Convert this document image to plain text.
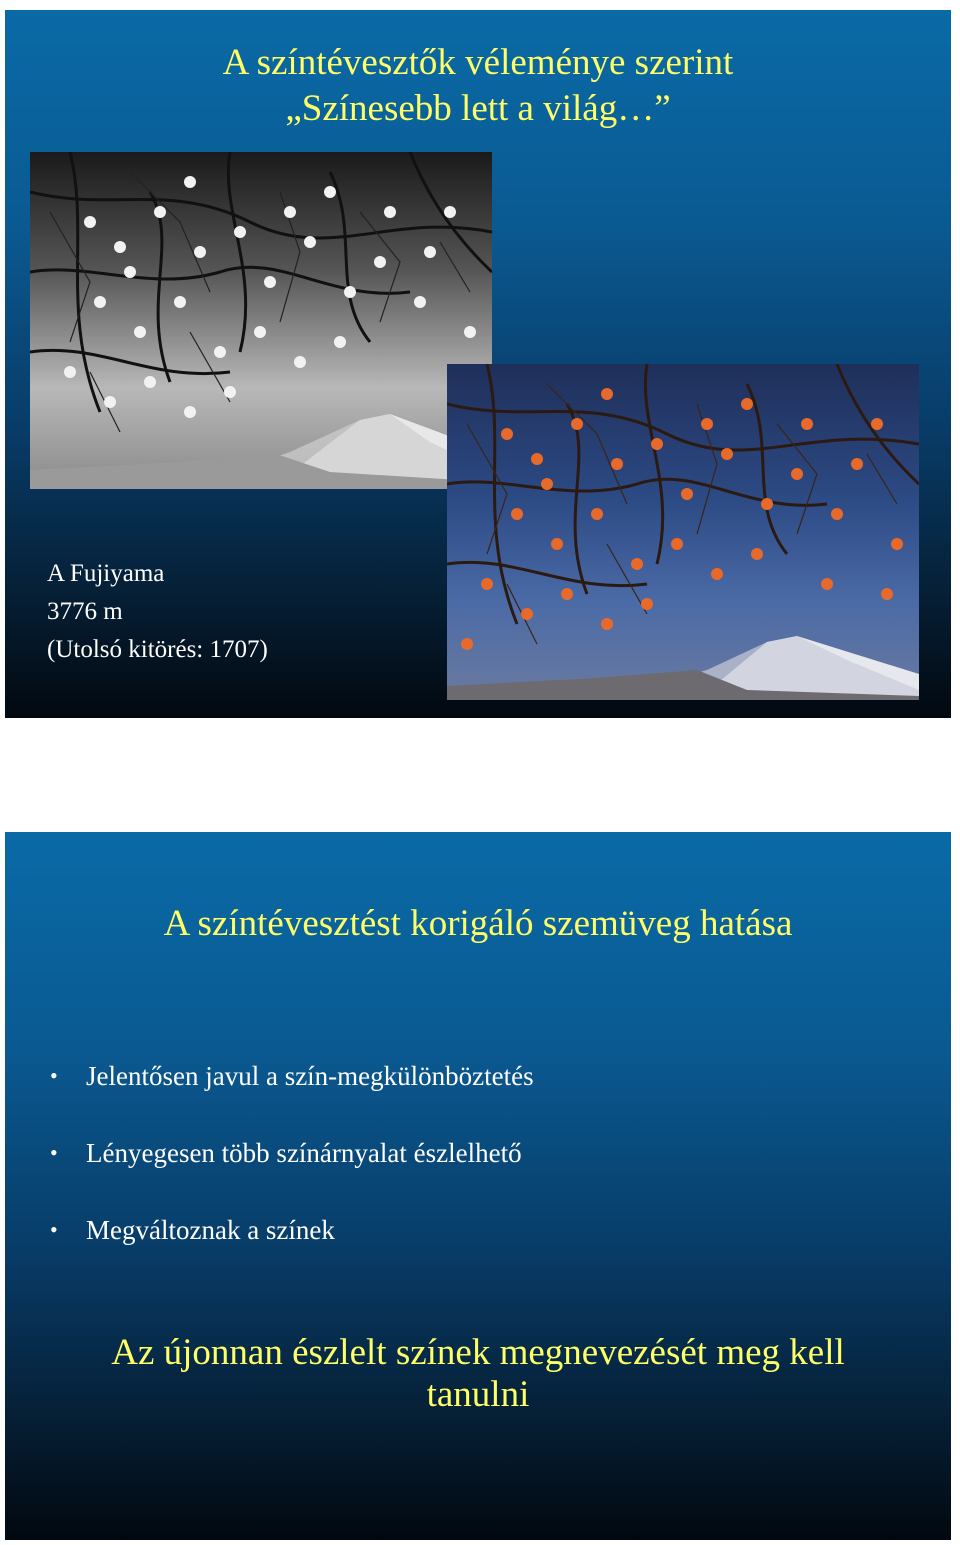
A színtévesztők véleménye szerint
„Színesebb lett a világ…”
A Fujiyama
3776 m
(Utolsó kitörés: 1707)
A színtévesztést korigáló szemüveg hatása
• Jelentősen javul a szín-megkülönböztetés
• Lényegesen több színárnyalat észlelhető
• Megváltoznak a színek
Az újonnan észlelt színek megnevezését meg kell
tanulni
